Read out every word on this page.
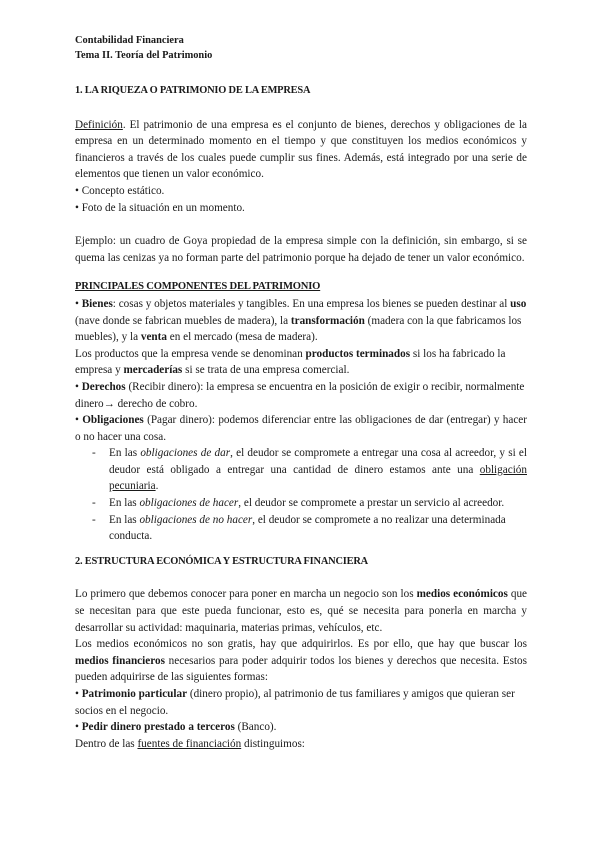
Contabilidad Financiera
Tema II. Teoría del Patrimonio
1. LA RIQUEZA O PATRIMONIO DE LA EMPRESA

Definición. El patrimonio de una empresa es el conjunto de bienes, derechos y obligaciones de la empresa en un determinado momento en el tiempo y que constituyen los medios económicos y financieros a través de los cuales puede cumplir sus fines. Además, está integrado por una serie de elementos que tienen un valor económico.

• Concepto estático.

• Foto de la situación en un momento.

Ejemplo: un cuadro de Goya propiedad de la empresa simple con la definición, sin embargo, si se quema las cenizas ya no forman parte del patrimonio porque ha dejado de tener un valor económico.

PRINCIPALES COMPONENTES DEL PATRIMONIO

• Bienes: cosas y objetos materiales y tangibles. En una empresa los bienes se pueden destinar al uso (nave donde se fabrican muebles de madera), la transformación (madera con la que fabricamos los muebles), y la venta en el mercado (mesa de madera).

Los productos que la empresa vende se denominan productos terminados si los ha fabricado la empresa y mercaderías si se trata de una empresa comercial.

• Derechos (Recibir dinero): la empresa se encuentra en la posición de exigir o recibir, normalmente dinero→ derecho de cobro.

• Obligaciones (Pagar dinero): podemos diferenciar entre las obligaciones de dar (entregar) y hacer o no hacer una cosa.

-	En las obligaciones de dar, el deudor se compromete a entregar una cosa al acreedor, y si el deudor está obligado a entregar una cantidad de dinero estamos ante una obligación pecuniaria.
-	En las obligaciones de hacer, el deudor se compromete a prestar un servicio al acreedor.
-	En las obligaciones de no hacer, el deudor se compromete a no realizar una determinada conducta.
2. ESTRUCTURA ECONÓMICA Y ESTRUCTURA FINANCIERA

Lo primero que debemos conocer para poner en marcha un negocio son los medios económicos que se necesitan para que este pueda funcionar, esto es, qué se necesita para ponerla en marcha y desarrollar su actividad: maquinaria, materias primas, vehículos, etc.

Los medios económicos no son gratis, hay que adquirirlos. Es por ello, que hay que buscar los medios financieros necesarios para poder adquirir todos los bienes y derechos que necesita. Estos pueden adquirirse de las siguientes formas:

• Patrimonio particular (dinero propio), al patrimonio de tus familiares y amigos que quieran ser socios en el negocio.

• Pedir dinero prestado a terceros (Banco).

Dentro de las fuentes de financiación distinguimos:
